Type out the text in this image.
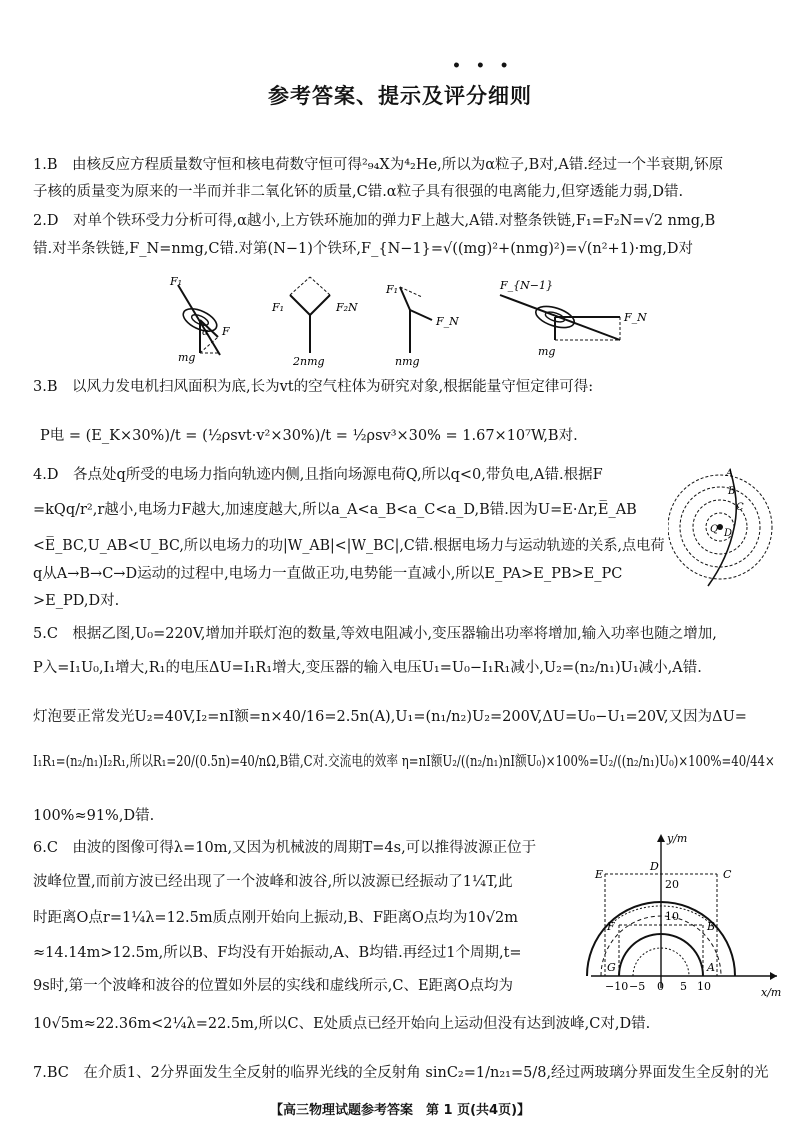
• • •
参考答案、提示及评分细则
1.B　由核反应方程质量数守恒和核电荷数守恒可得²₉₄X为⁴₂He,所以为α粒子,B对,A错.经过一个半衰期,钚原
子核的质量变为原来的一半而并非二氧化钚的质量,C错.α粒子具有很强的电离能力,但穿透能力弱,D错.
2.D　对单个铁环受力分析可得,α越小,上方铁环施加的弹力F上越大,A错.对整条铁链,F₁=F₂N=√2 nmg,B
错.对半条铁链,F_N=nmg,C错.对第(N−1)个铁环,F_{N−1}=√((mg)²+(nmg)²)=√(n²+1)·mg,D对
F₁
F
α
mg
F₁	F₂N
2nmg
F₁
F_N
nmg
F_{N−1}
F_N
mg
3.B　以风力发电机扫风面积为底,长为vt的空气柱体为研究对象,根据能量守恒定律可得:
P电 = (E_K×30%)/t = (½ρsvt·v²×30%)/t = ½ρsv³×30% = 1.67×10⁷W,B对.
4.D　各点处q所受的电场力指向轨迹内侧,且指向场源电荷Q,所以q<0,带负电,A错.根据F
=kQq/r²,r越小,电场力F越大,加速度越大,所以a_A<a_B<a_C<a_D,B错.因为U=E·Δr,E̅_AB
<E̅_BC,U_AB<U_BC,所以电场力的功|W_AB|<|W_BC|,C错.根据电场力与运动轨迹的关系,点电荷
q从A→B→C→D运动的过程中,电场力一直做正功,电势能一直减小,所以E_PA>E_PB>E_PC
>E_PD,D对.
A
B
C
D
Q
5.C　根据乙图,U₀=220V,增加并联灯泡的数量,等效电阻减小,变压器输出功率将增加,输入功率也随之增加,
P入=I₁U₀,I₁增大,R₁的电压ΔU=I₁R₁增大,变压器的输入电压U₁=U₀−I₁R₁减小,U₂=(n₂/n₁)U₁减小,A错.
灯泡要正常发光U₂=40V,I₂=nI额=n×40/16=2.5n(A),U₁=(n₁/n₂)U₂=200V,ΔU=U₀−U₁=20V,又因为ΔU=
I₁R₁=(n₂/n₁)I₂R₁,所以R₁=20/(0.5n)=40/nΩ,B错,C对.交流电的效率 η=nI额U₂/((n₂/n₁)nI额U₀)×100%=U₂/((n₂/n₁)U₀)×100%=40/44×
100%≈91%,D错.
6.C　由波的图像可得λ=10m,又因为机械波的周期T=4s,可以推得波源正位于
波峰位置,而前方波已经出现了一个波峰和波谷,所以波源已经振动了1¼T,此
时距离O点r=1¼λ=12.5m质点刚开始向上振动,B、F距离O点均为10√2m
≈14.14m>12.5m,所以B、F均没有开始振动,A、B均错.再经过1个周期,t=
9s时,第一个波峰和波谷的位置如外层的实线和虚线所示,C、E距离O点均为
10√5m≈22.36m<2¼λ=22.5m,所以C、E处质点已经开始向上运动但没有达到波峰,C对,D错.
y/m
x/m
D
E	C
20
10
F	B
G	A
−10 −5 0 5 10
7.BC　在介质1、2分界面发生全反射的临界光线的全反射角 sinC₂=1/n₂₁=5/8,经过两玻璃分界面发生全反射的光
【高三物理试题参考答案　第 1 页(共4页)】
